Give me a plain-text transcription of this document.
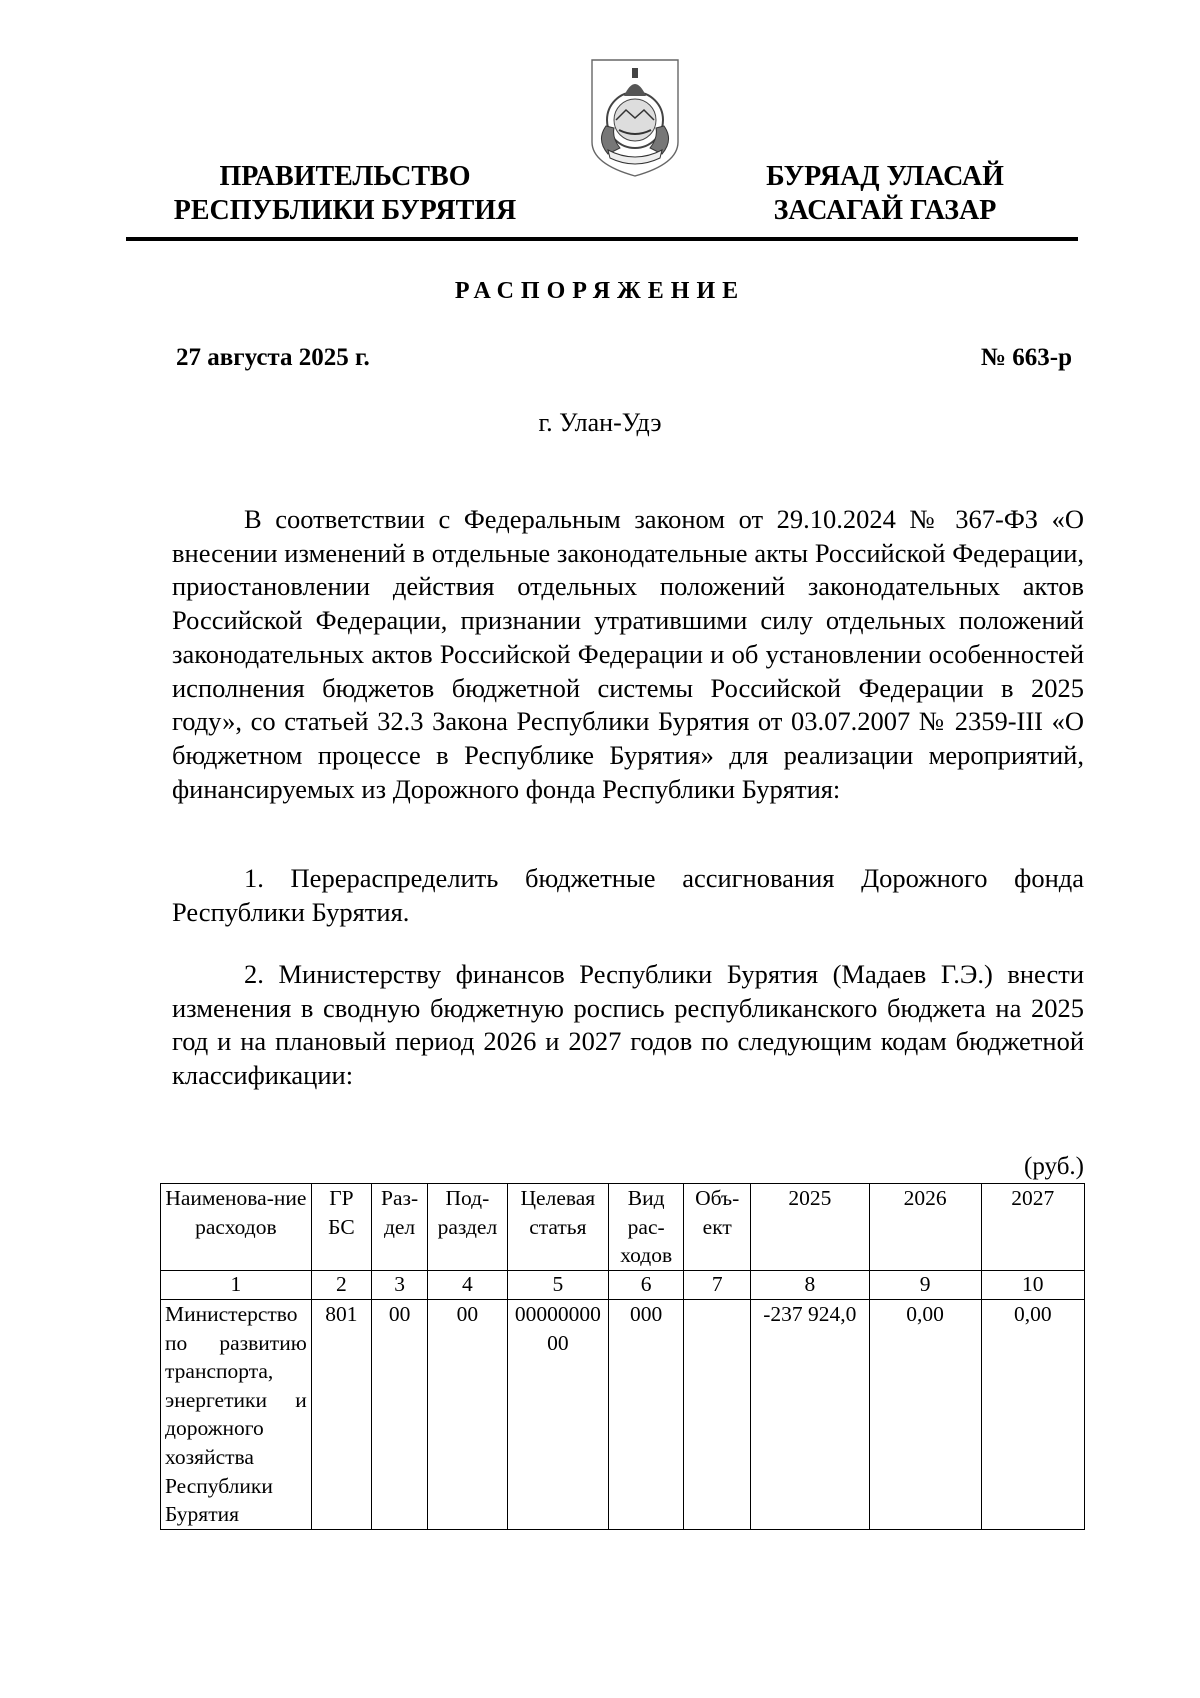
ПРАВИТЕЛЬСТВО
РЕСПУБЛИКИ БУРЯТИЯ
БУРЯАД УЛАСАЙ
ЗАСАГАЙ ГАЗАР
РАСПОРЯЖЕНИЕ
27 августа 2025 г.	№ 663-р
г. Улан-Удэ

В соответствии с Федеральным законом от 29.10.2024 № 367-ФЗ «О внесении изменений в отдельные законодательные акты Российской Федерации, приостановлении действия отдельных положений законодательных актов Российской Федерации, признании утратившими силу отдельных положений законодательных актов Российской Федерации и об установлении особенностей исполнения бюджетов бюджетной системы Российской Федерации в 2025 году», со статьей 32.3 Закона Республики Бурятия от 03.07.2007 № 2359-III «О бюджетном процессе в Республике Бурятия» для реализации мероприятий, финансируемых из Дорожного фонда Республики Бурятия:

1. Перераспределить бюджетные ассигнования Дорожного фонда Республики Бурятия.

2. Министерству финансов Республики Бурятия (Мадаев Г.Э.) внести изменения в сводную бюджетную роспись республиканского бюджета на 2025 год и на плановый период 2026 и 2027 годов по следующим кодам бюджетной классификации:

(руб.)
Наименова-ние расходов	ГР БС	Раз-дел	Под-раздел	Целевая статья	Вид рас-ходов	Объ-ект	2025	2026	2027
1	2	3	4	5	6	7	8	9	10
Министерство по развитию транспорта, энергетики и дорожного хозяйства Республики Бурятия	801	00	00	0000000000	000		-237 924,0	0,00	0,00
